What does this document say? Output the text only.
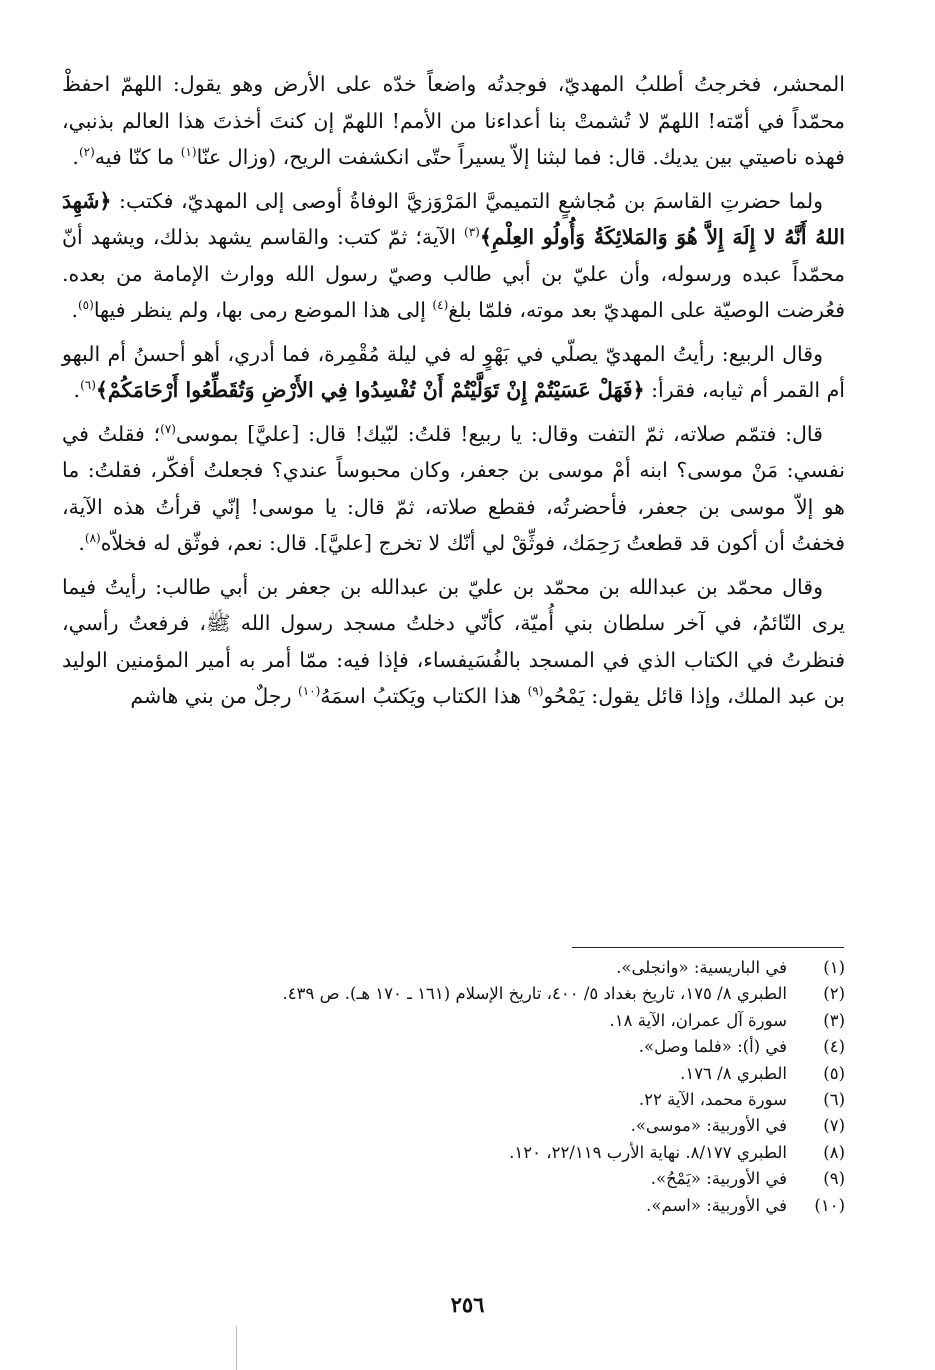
المحشر، فخرجتُ أطلبُ المهديّ، فوجدتُه واضعاً خدّه على الأرض وهو يقول: اللهمّ احفظْ محمّداً في أمّته! اللهمّ لا تُشمتْ بنا أعداءنا من الأمم! اللهمّ إن كنتَ أخذتَ هذا العالم بذنبي، فهذه ناصيتي بين يديك. قال: فما لبثنا إلاّ يسيراً حتّى انكشفت الريح، (وزال عنّا$^{(١)}$ ما كنّا فيه$^{(٢)}$.

ولما حضرتِ القاسمَ بن مُجاشعٍ التميميَّ المَرْوَزيَّ الوفاةُ أوصى إلى المهديّ، فكتب: ﴿شَهِدَ اللهُ أَنَّهُ لا إِلَهَ إِلاَّ هُوَ وَالمَلائِكَةُ وَأُولُو العِلْمِ﴾$^{(٣)}$ الآية؛ ثمّ كتب: والقاسم يشهد بذلك، ويشهد أنّ محمّداً عبده ورسوله، وأن عليّ بن أبي طالب وصيّ رسول الله ووارث الإمامة من بعده. فعُرضت الوصيّة على المهديّ بعد موته، فلمّا بلغ$^{(٤)}$ إلى هذا الموضع رمى بها، ولم ينظر فيها$^{(٥)}$.

وقال الربيع: رأيتُ المهديّ يصلّي في بَهْوٍ له في ليلة مُقْمِرة، فما أدري، أهو أحسنُ أم البهو أم القمر أم ثيابه، فقرأ: ﴿فَهَلْ عَسَيْتُمْ إِنْ تَوَلَّيْتُمْ أَنْ تُفْسِدُوا فِي الأَرْضِ وَتُقَطِّعُوا أَرْحَامَكُمْ﴾$^{(٦)}$.

قال: فتمّم صلاته، ثمّ التفت وقال: يا ربيع! قلتُ: لبّيك! قال: [عليَّ] بموسى$^{(٧)}$؛ فقلتُ في نفسي: مَنْ موسى؟ ابنه أمْ موسى بن جعفر، وكان محبوساً عندي؟ فجعلتُ أفكّر، فقلتُ: ما هو إلاّ موسى بن جعفر، فأحضرتُه، فقطع صلاته، ثمّ قال: يا موسى! إنّي قرأتُ هذه الآية، فخفتُ أن أكون قد قطعتُ رَحِمَك، فوثِّقْ لي أنّك لا تخرج [عليَّ]. قال: نعم، فوثّق له فخلاّه$^{(٨)}$.

وقال محمّد بن عبدالله بن محمّد بن عليّ بن عبدالله بن جعفر بن أبي طالب: رأيتُ فيما يرى النّائمُ، في آخر سلطان بني أُميّة، كأنّي دخلتُ مسجد رسول الله ﷺ، فرفعتُ رأسي، فنظرتُ في الكتاب الذي في المسجد بالفُسَيفساء، فإذا فيه: ممّا أمر به أمير المؤمنين الوليد بن عبد الملك، وإذا قائل يقول: يَمْحُو$^{(٩)}$ هذا الكتاب ويَكتبُ اسمَهُ$^{(١٠)}$ رجلٌ من بني هاشم

(١)
في الباريسية: «وانجلى».
(٢)
الطبري ٨/ ١٧٥، تاريخ بغداد ٥/ ٤٠٠، تاريخ الإسلام (١٦١ ـ ١٧٠ هـ). ص ٤٣٩.
(٣)
سورة آل عمران، الآية ١٨.
(٤)
في (أ): «فلما وصل».
(٥)
الطبري ٨/ ١٧٦.
(٦)
سورة محمد، الآية ٢٢.
(٧)
في الأوربية: «موسى».
(٨)
الطبري ٨/١٧٧. نهاية الأرب ٢٢/١١٩، ١٢٠.
(٩)
في الأوربية: «يَمْحُ».
(١٠)
في الأوربية: «اسم».
٢٥٦
